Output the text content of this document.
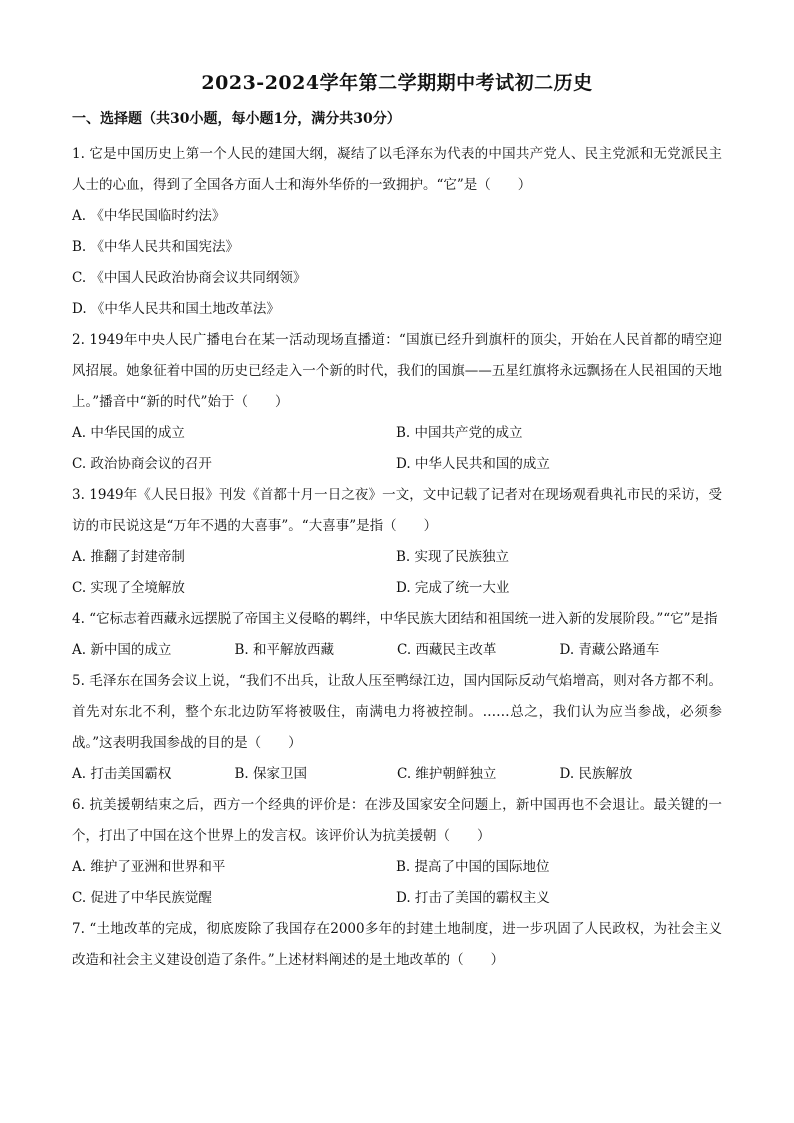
2023-2024学年第二学期期中考试初二历史
一、选择题（共30小题，每小题1分，满分共30分）

1. 它是中国历史上第一个人民的建国大纲，凝结了以毛泽东为代表的中国共产党人、民主党派和无党派民主人士的心血，得到了全国各方面人士和海外华侨的一致拥护。“它”是（　　）

A. 《中华民国临时约法》

B. 《中华人民共和国宪法》

C. 《中国人民政治协商会议共同纲领》

D. 《中华人民共和国土地改革法》

2. 1949年中央人民广播电台在某一活动现场直播道：“国旗已经升到旗杆的顶尖，开始在人民首都的晴空迎风招展。她象征着中国的历史已经走入一个新的时代，我们的国旗——五星红旗将永远飘扬在人民祖国的天地上。”播音中“新的时代”始于（　　）

A. 中华民国的成立	B. 中国共产党的成立
C. 政治协商会议的召开	D. 中华人民共和国的成立

3. 1949年《人民日报》刊发《首都十月一日之夜》一文，文中记载了记者对在现场观看典礼市民的采访，受访的市民说这是“万年不遇的大喜事”。“大喜事”是指（　　）

A. 推翻了封建帝制	B. 实现了民族独立
C. 实现了全境解放	D. 完成了统一大业

4. “它标志着西藏永远摆脱了帝国主义侵略的羁绊，中华民族大团结和祖国统一进入新的发展阶段。”“它”是指

A. 新中国的成立	B. 和平解放西藏	C. 西藏民主改革	D. 青藏公路通车

5. 毛泽东在国务会议上说，“我们不出兵，让敌人压至鸭绿江边，国内国际反动气焰增高，则对各方都不利。首先对东北不利，整个东北边防军将被吸住，南满电力将被控制。……总之，我们认为应当参战，必须参战。”这表明我国参战的目的是（　　）

A. 打击美国霸权	B. 保家卫国	C. 维护朝鲜独立	D. 民族解放

6. 抗美援朝结束之后，西方一个经典的评价是：在涉及国家安全问题上，新中国再也不会退让。最关键的一个，打出了中国在这个世界上的发言权。该评价认为抗美援朝（　　）

A. 维护了亚洲和世界和平	B. 提高了中国的国际地位
C. 促进了中华民族觉醒	D. 打击了美国的霸权主义

7. “土地改革的完成，彻底废除了我国存在2000多年的封建土地制度，进一步巩固了人民政权，为社会主义改造和社会主义建设创造了条件。”上述材料阐述的是土地改革的（　　）
